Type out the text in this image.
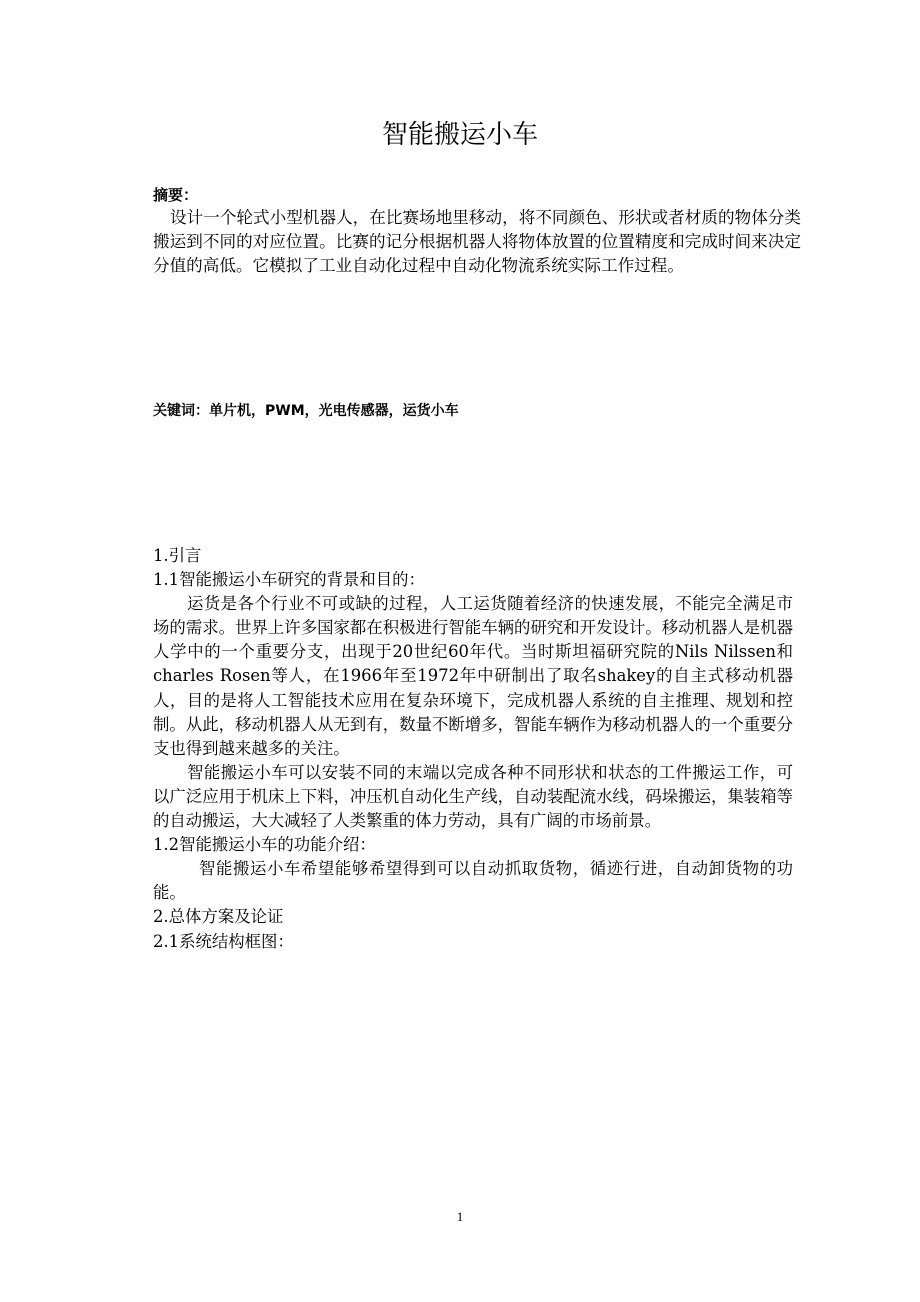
智能搬运小车
摘要：
设计一个轮式小型机器人，在比赛场地里移动，将不同颜色、形状或者材质的物体分类搬运到不同的对应位置。比赛的记分根据机器人将物体放置的位置精度和完成时间来决定分值的高低。它模拟了工业自动化过程中自动化物流系统实际工作过程。
关键词：单片机，PWM，光电传感器，运货小车

1.引言

1.1智能搬运小车研究的背景和目的：

运货是各个行业不可或缺的过程，人工运货随着经济的快速发展，不能完全满足市场的需求。世界上许多国家都在积极进行智能车辆的研究和开发设计。移动机器人是机器人学中的一个重要分支，出现于20世纪60年代。当时斯坦福研究院的Nils Nilssen和charles Rosen等人，在1966年至1972年中研制出了取名shakey的自主式移动机器人，目的是将人工智能技术应用在复杂环境下，完成机器人系统的自主推理、规划和控制。从此，移动机器人从无到有，数量不断增多，智能车辆作为移动机器人的一个重要分支也得到越来越多的关注。

智能搬运小车可以安装不同的末端以完成各种不同形状和状态的工件搬运工作，可以广泛应用于机床上下料，冲压机自动化生产线，自动装配流水线，码垛搬运，集装箱等的自动搬运，大大减轻了人类繁重的体力劳动，具有广阔的市场前景。

1.2智能搬运小车的功能介绍：

智能搬运小车希望能够希望得到可以自动抓取货物，循迹行进，自动卸货物的功能。

2.总体方案及论证

2.1系统结构框图：

1
